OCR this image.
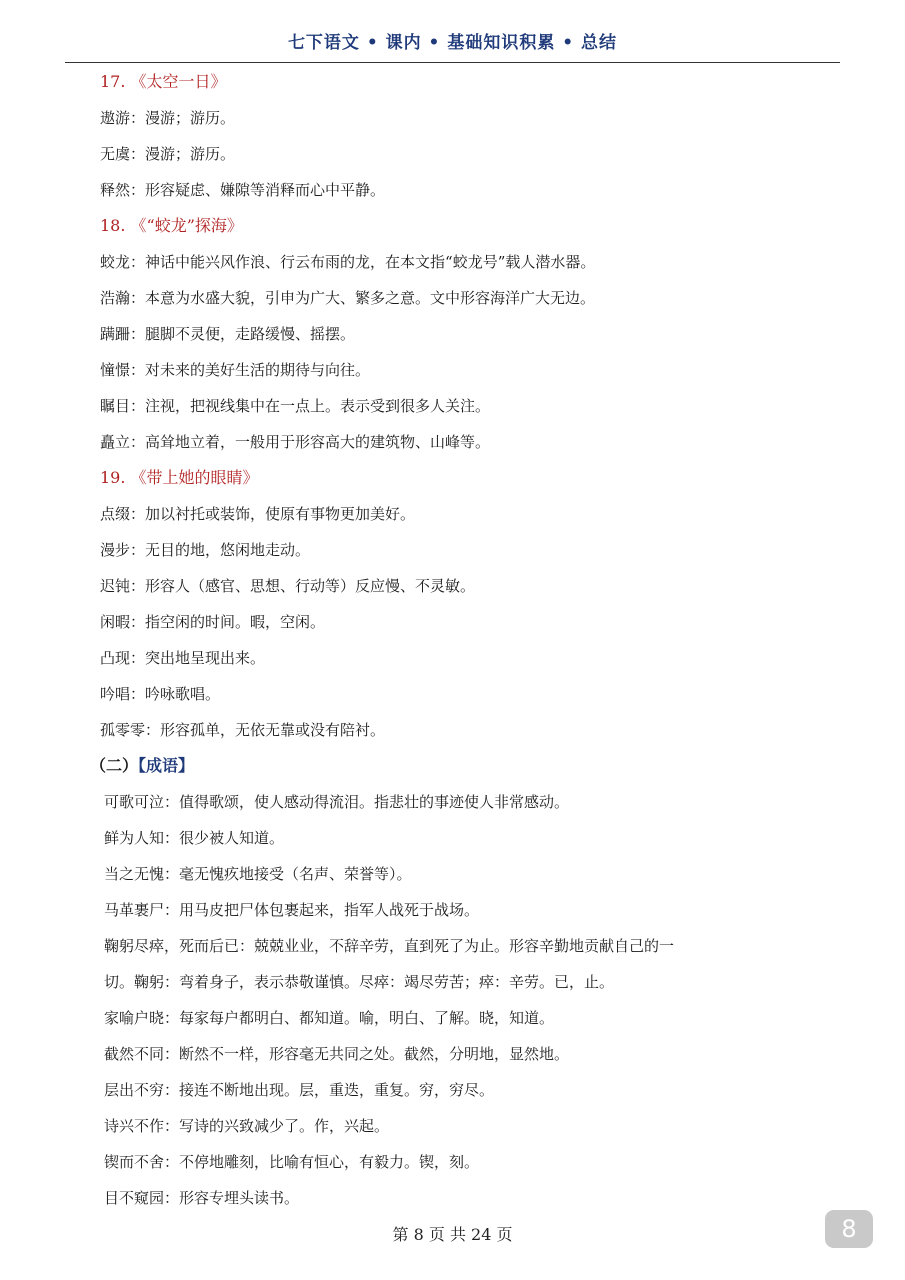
七下语文 • 课内 • 基础知识积累 • 总结
17. 《太空一日》
遨游：漫游；游历。
无虞：漫游；游历。
释然：形容疑虑、嫌隙等消释而心中平静。
18. 《“蛟龙”探海》
蛟龙：神话中能兴风作浪、行云布雨的龙，在本文指“蛟龙号”载人潜水器。
浩瀚：本意为水盛大貌，引申为广大、繁多之意。文中形容海洋广大无边。
蹒跚：腿脚不灵便，走路缓慢、摇摆。
憧憬：对未来的美好生活的期待与向往。
瞩目：注视，把视线集中在一点上。表示受到很多人关注。
矗立：高耸地立着，一般用于形容高大的建筑物、山峰等。
19. 《带上她的眼睛》
点缀：加以衬托或装饰，使原有事物更加美好。
漫步：无目的地，悠闲地走动。
迟钝：形容人（感官、思想、行动等）反应慢、不灵敏。
闲暇：指空闲的时间。暇，空闲。
凸现：突出地呈现出来。
吟唱：吟咏歌唱。
孤零零：形容孤单，无依无靠或没有陪衬。
（二）【成语】
可歌可泣：值得歌颂，使人感动得流泪。指悲壮的事迹使人非常感动。
鲜为人知：很少被人知道。
当之无愧：毫无愧疚地接受（名声、荣誉等）。
马革裹尸：用马皮把尸体包裹起来，指军人战死于战场。
鞠躬尽瘁，死而后已：兢兢业业，不辞辛劳，直到死了为止。形容辛勤地贡献自己的一
切。鞠躬：弯着身子，表示恭敬谨慎。尽瘁：竭尽劳苦；瘁：辛劳。已，止。
家喻户晓：每家每户都明白、都知道。喻，明白、了解。晓，知道。
截然不同：断然不一样，形容毫无共同之处。截然，分明地，显然地。
层出不穷：接连不断地出现。层，重迭，重复。穷，穷尽。
诗兴不作：写诗的兴致减少了。作，兴起。
锲而不舍：不停地雕刻，比喻有恒心，有毅力。锲，刻。
目不窥园：形容专埋头读书。
第 8 页 共 24 页	8
